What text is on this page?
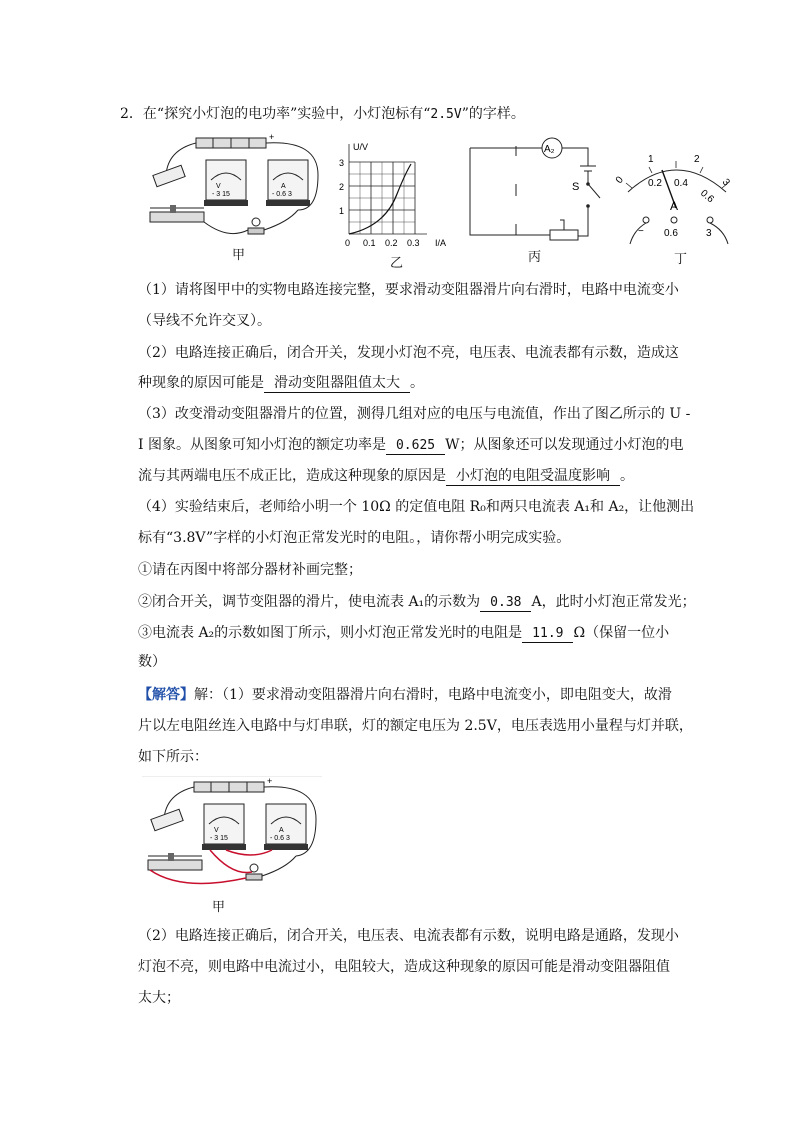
2．在“探究小灯泡的电功率”实验中，小灯泡标有“2.5V”的字样。
+
V
- 3 15
A
- 0.6 3
甲
U/V
I/A
3
2
1
0 0.1 0.2 0.3
乙
A₂
S
丙
0
1	2
3
0.2 0.4
0.6
A
− 0.6	3
丁
（1）请将图甲中的实物电路连接完整，要求滑动变阻器滑片向右滑时，电路中电流变小
（导线不允许交叉）。
（2）电路连接正确后，闭合开关，发现小灯泡不亮，电压表、电流表都有示数，造成这
种现象的原因可能是 滑动变阻器阻值太大 。
（3）改变滑动变阻器滑片的位置，测得几组对应的电压与电流值，作出了图乙所示的 U -
I 图象。从图象可知小灯泡的额定功率是 0.625 W；从图象还可以发现通过小灯泡的电
流与其两端电压不成正比，造成这种现象的原因是 小灯泡的电阻受温度影响 。
（4）实验结束后，老师给小明一个 10Ω 的定值电阻 R₀和两只电流表 A₁和 A₂，让他测出
标有“3.8V”字样的小灯泡正常发光时的电阻。，请你帮小明完成实验。
①请在丙图中将部分器材补画完整；
②闭合开关，调节变阻器的滑片，使电流表 A₁的示数为 0.38 A，此时小灯泡正常发光；
③电流表 A₂的示数如图丁所示，则小灯泡正常发光时的电阻是 11.9 Ω（保留一位小
数）
【解答】解：（1）要求滑动变阻器滑片向右滑时，电路中电流变小，即电阻变大，故滑
片以左电阻丝连入电路中与灯串联，灯的额定电压为 2.5V，电压表选用小量程与灯并联，
如下所示：
+
V
- 3 15
A
- 0.6 3
甲
（2）电路连接正确后，闭合开关，电压表、电流表都有示数，说明电路是通路，发现小
灯泡不亮，则电路中电流过小，电阻较大，造成这种现象的原因可能是滑动变阻器阻值
太大；
